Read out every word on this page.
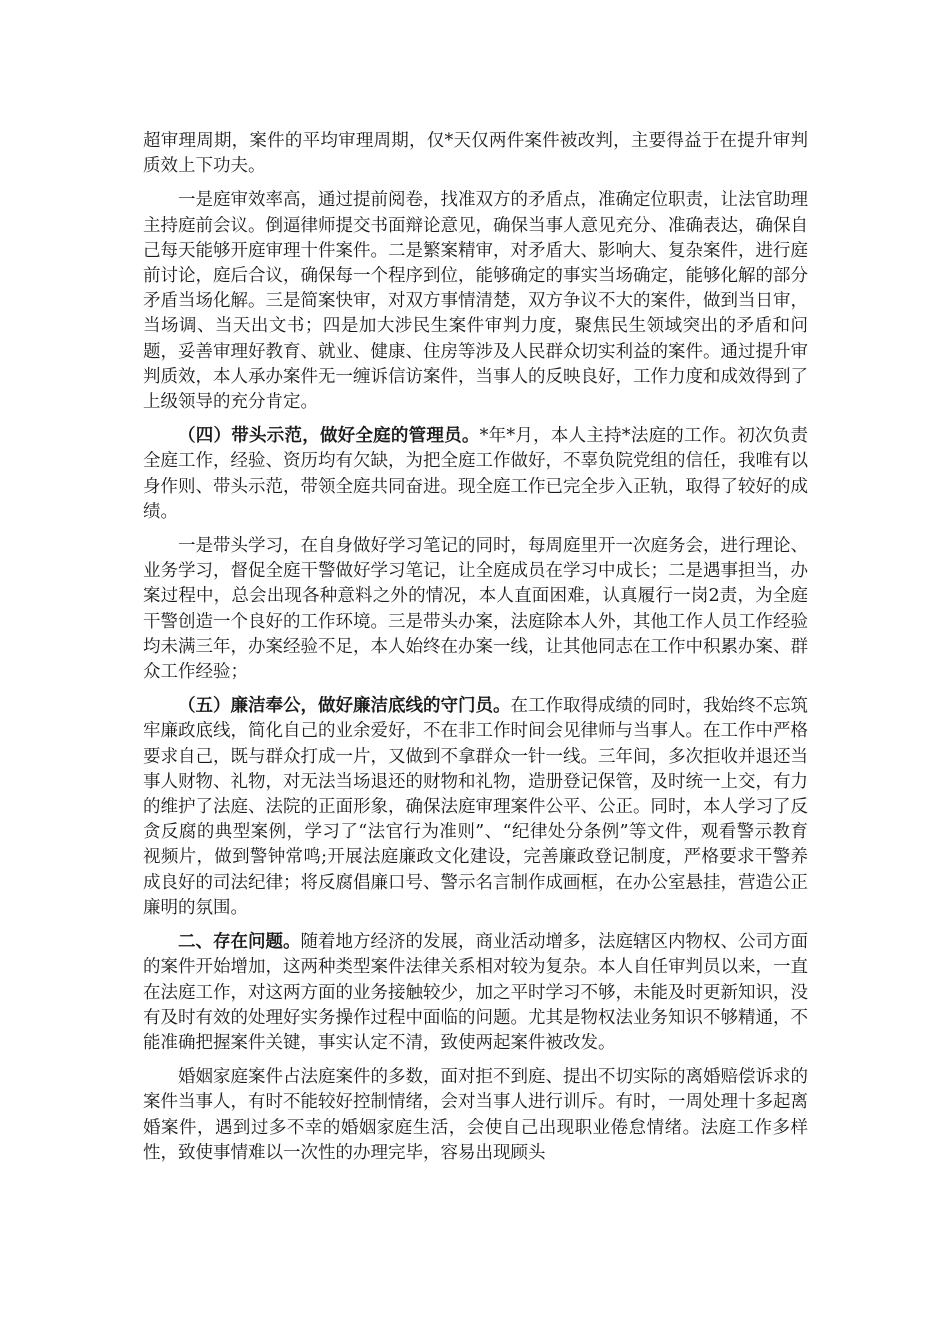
超审理周期，案件的平均审理周期，仅*天仅两件案件被改判，主要得益于在提升审判质效上下功夫。

一是庭审效率高，通过提前阅卷，找准双方的矛盾点，准确定位职责，让法官助理主持庭前会议。倒逼律师提交书面辩论意见，确保当事人意见充分、准确表达，确保自己每天能够开庭审理十件案件。二是繁案精审，对矛盾大、影响大、复杂案件，进行庭前讨论，庭后合议，确保每一个程序到位，能够确定的事实当场确定，能够化解的部分矛盾当场化解。三是简案快审，对双方事情清楚，双方争议不大的案件，做到当日审，当场调、当天出文书；四是加大涉民生案件审判力度，聚焦民生领域突出的矛盾和问题，妥善审理好教育、就业、健康、住房等涉及人民群众切实利益的案件。通过提升审判质效，本人承办案件无一缠诉信访案件，当事人的反映良好，工作力度和成效得到了上级领导的充分肯定。

（四）带头示范，做好全庭的管理员。*年*月，本人主持*法庭的工作。初次负责全庭工作，经验、资历均有欠缺，为把全庭工作做好，不辜负院党组的信任，我唯有以身作则、带头示范，带领全庭共同奋进。现全庭工作已完全步入正轨，取得了较好的成绩。

一是带头学习，在自身做好学习笔记的同时，每周庭里开一次庭务会，进行理论、业务学习，督促全庭干警做好学习笔记，让全庭成员在学习中成长；二是遇事担当，办案过程中，总会出现各种意料之外的情况，本人直面困难，认真履行一岗2责，为全庭干警创造一个良好的工作环境。三是带头办案，法庭除本人外，其他工作人员工作经验均未满三年，办案经验不足，本人始终在办案一线，让其他同志在工作中积累办案、群众工作经验；

（五）廉洁奉公，做好廉洁底线的守门员。在工作取得成绩的同时，我始终不忘筑牢廉政底线，简化自己的业余爱好，不在非工作时间会见律师与当事人。在工作中严格要求自己，既与群众打成一片，又做到不拿群众一针一线。三年间，多次拒收并退还当事人财物、礼物，对无法当场退还的财物和礼物，造册登记保管，及时统一上交，有力的维护了法庭、法院的正面形象，确保法庭审理案件公平、公正。同时，本人学习了反贪反腐的典型案例，学习了“法官行为准则”、“纪律处分条例”等文件，观看警示教育视频片，做到警钟常鸣;开展法庭廉政文化建设，完善廉政登记制度，严格要求干警养成良好的司法纪律；将反腐倡廉口号、警示名言制作成画框，在办公室悬挂，营造公正廉明的氛围。

二、存在问题。随着地方经济的发展，商业活动增多，法庭辖区内物权、公司方面的案件开始增加，这两种类型案件法律关系相对较为复杂。本人自任审判员以来，一直在法庭工作，对这两方面的业务接触较少，加之平时学习不够，未能及时更新知识，没有及时有效的处理好实务操作过程中面临的问题。尤其是物权法业务知识不够精通，不能准确把握案件关键，事实认定不清，致使两起案件被改发。

婚姻家庭案件占法庭案件的多数，面对拒不到庭、提出不切实际的离婚赔偿诉求的案件当事人，有时不能较好控制情绪，会对当事人进行训斥。有时，一周处理十多起离婚案件，遇到过多不幸的婚姻家庭生活，会使自己出现职业倦怠情绪。法庭工作多样性，致使事情难以一次性的办理完毕，容易出现顾头
